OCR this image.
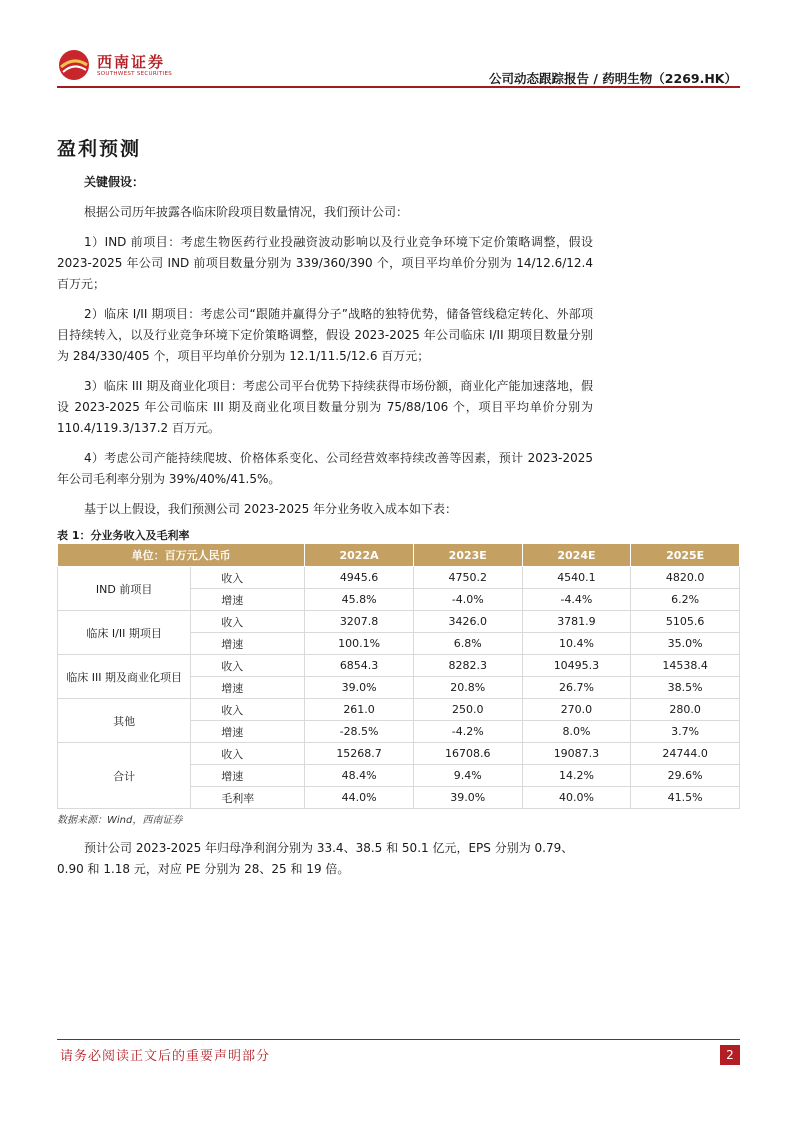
西南证券
SOUTHWEST SECURITIES	公司动态跟踪报告 / 药明生物（2269.HK）
盈利预测

关键假设：

根据公司历年披露各临床阶段项目数量情况，我们预计公司：

1）IND 前项目：考虑生物医药行业投融资波动影响以及行业竞争环境下定价策略调整，假设 2023-2025 年公司 IND 前项目数量分别为 339/360/390 个，项目平均单价分别为 14/12.6/12.4 百万元；

2）临床 I/II 期项目：考虑公司“跟随并赢得分子”战略的独特优势，储备管线稳定转化、外部项目持续转入，以及行业竞争环境下定价策略调整，假设 2023-2025 年公司临床 I/II 期项目数量分别为 284/330/405 个，项目平均单价分别为 12.1/11.5/12.6 百万元；

3）临床 III 期及商业化项目：考虑公司平台优势下持续获得市场份额，商业化产能加速落地，假设 2023-2025 年公司临床 III 期及商业化项目数量分别为 75/88/106 个，项目平均单价分别为 110.4/119.3/137.2 百万元。

4）考虑公司产能持续爬坡、价格体系变化、公司经营效率持续改善等因素，预计 2023-2025 年公司毛利率分别为 39%/40%/41.5%。

基于以上假设，我们预测公司 2023-2025 年分业务收入成本如下表：

表 1：分业务收入及毛利率
单位：百万元人民币		2022A	2023E	2024E	2025E
IND 前项目	收入	4945.6	4750.2	4540.1	4820.0
	增速	45.8%	-4.0%	-4.4%	6.2%
临床 I/II 期项目	收入	3207.8	3426.0	3781.9	5105.6
	增速	100.1%	6.8%	10.4%	35.0%
临床 III 期及商业化项目	收入	6854.3	8282.3	10495.3	14538.4
	增速	39.0%	20.8%	26.7%	38.5%
其他	收入	261.0	250.0	270.0	280.0
	增速	-28.5%	-4.2%	8.0%	3.7%
合计	收入	15268.7	16708.6	19087.3	24744.0
	增速	48.4%	9.4%	14.2%	29.6%
	毛利率	44.0%	39.0%	40.0%	41.5%
数据来源：Wind，西南证券

预计公司 2023-2025 年归母净利润分别为 33.4、38.5 和 50.1 亿元，EPS 分别为 0.79、0.90 和 1.18 元，对应 PE 分别为 28、25 和 19 倍。

请务必阅读正文后的重要声明部分	2
